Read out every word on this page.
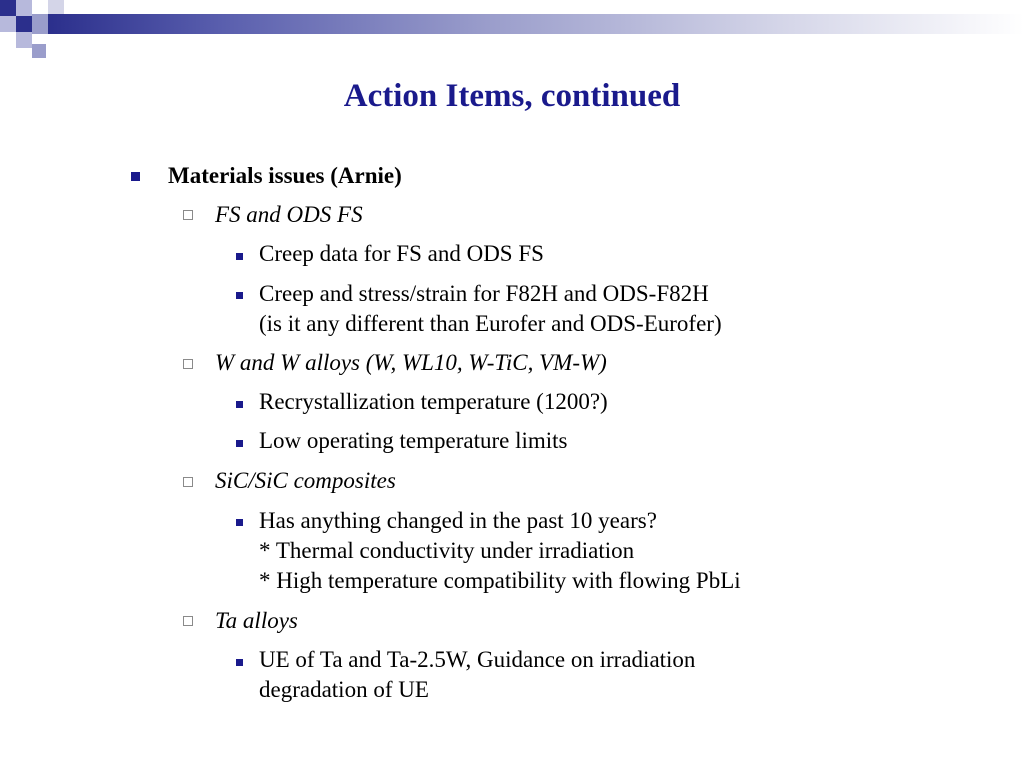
Action Items, continued
Materials issues (Arnie)
FS and ODS FS
Creep data for FS and ODS FS
Creep and stress/strain for F82H and ODS-F82H
(is it any different than Eurofer and ODS-Eurofer)
W and W alloys (W, WL10, W-TiC, VM-W)
Recrystallization temperature (1200?)
Low operating temperature limits
SiC/SiC composites
Has anything changed in the past 10 years?
* Thermal conductivity under irradiation
* High temperature compatibility with flowing PbLi
Ta alloys
UE of Ta and Ta-2.5W, Guidance on irradiation
degradation of UE
